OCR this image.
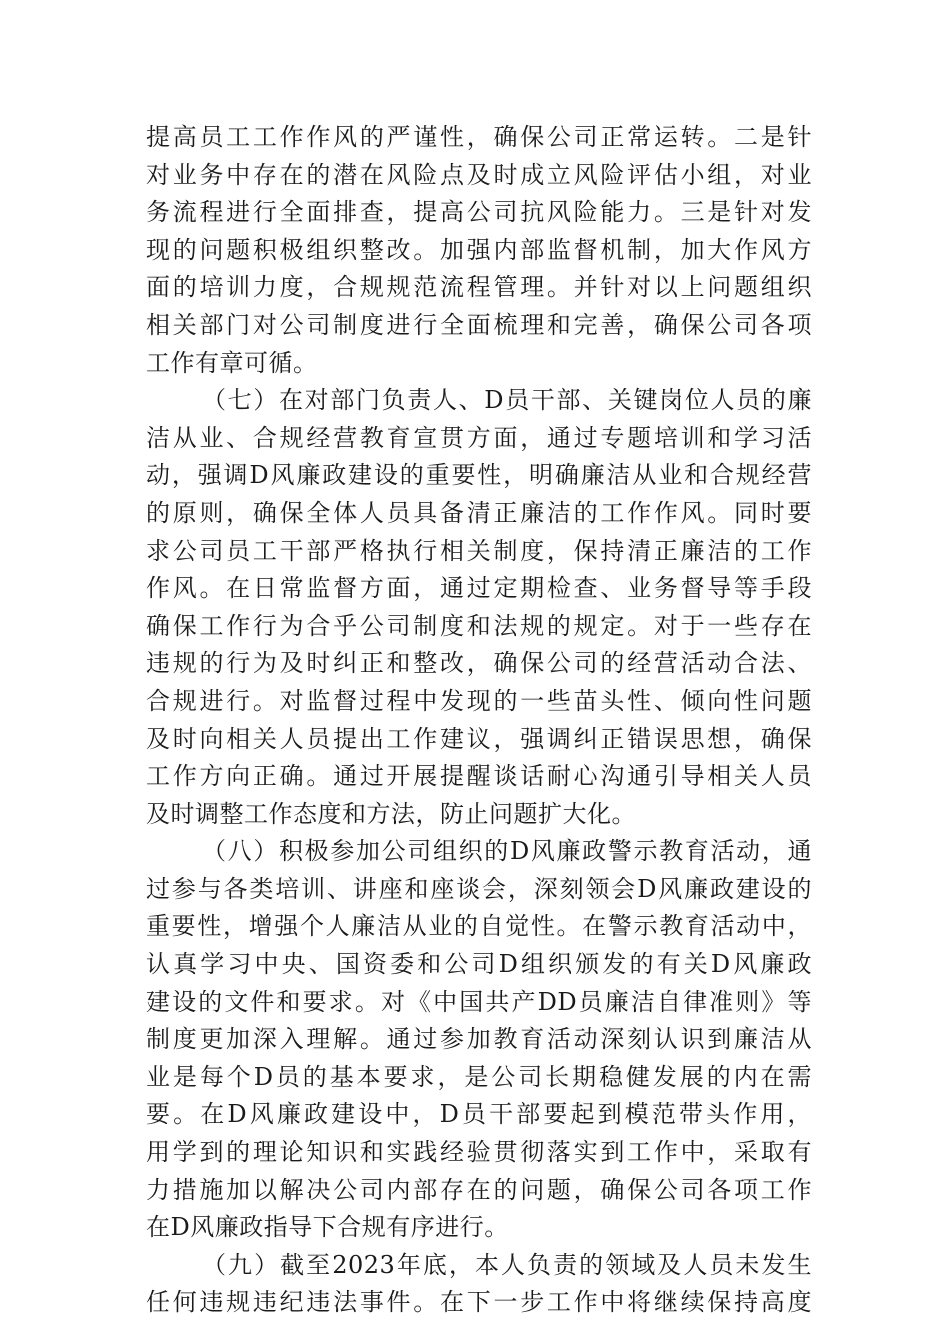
提高员工工作作风的严谨性，确保公司正常运转。二是针
对业务中存在的潜在风险点及时成立风险评估小组，对业
务流程进行全面排查，提高公司抗风险能力。三是针对发
现的问题积极组织整改。加强内部监督机制，加大作风方
面的培训力度，合规规范流程管理。并针对以上问题组织
相关部门对公司制度进行全面梳理和完善，确保公司各项
工作有章可循。
（七）在对部门负责人、D员干部、关键岗位人员的廉
洁从业、合规经营教育宣贯方面，通过专题培训和学习活
动，强调D风廉政建设的重要性，明确廉洁从业和合规经营
的原则，确保全体人员具备清正廉洁的工作作风。同时要
求公司员工干部严格执行相关制度，保持清正廉洁的工作
作风。在日常监督方面，通过定期检查、业务督导等手段
确保工作行为合乎公司制度和法规的规定。对于一些存在
违规的行为及时纠正和整改，确保公司的经营活动合法、
合规进行。对监督过程中发现的一些苗头性、倾向性问题
及时向相关人员提出工作建议，强调纠正错误思想，确保
工作方向正确。通过开展提醒谈话耐心沟通引导相关人员
及时调整工作态度和方法，防止问题扩大化。
（八）积极参加公司组织的D风廉政警示教育活动，通
过参与各类培训、讲座和座谈会，深刻领会D风廉政建设的
重要性，增强个人廉洁从业的自觉性。在警示教育活动中，
认真学习中央、国资委和公司D组织颁发的有关D风廉政
建设的文件和要求。对《中国共产DD员廉洁自律准则》等
制度更加深入理解。通过参加教育活动深刻认识到廉洁从
业是每个D员的基本要求，是公司长期稳健发展的内在需
要。在D风廉政建设中，D员干部要起到模范带头作用，
用学到的理论知识和实践经验贯彻落实到工作中，采取有
力措施加以解决公司内部存在的问题，确保公司各项工作
在D风廉政指导下合规有序进行。
（九）截至2023年底，本人负责的领域及人员未发生
任何违规违纪违法事件。在下一步工作中将继续保持高度
